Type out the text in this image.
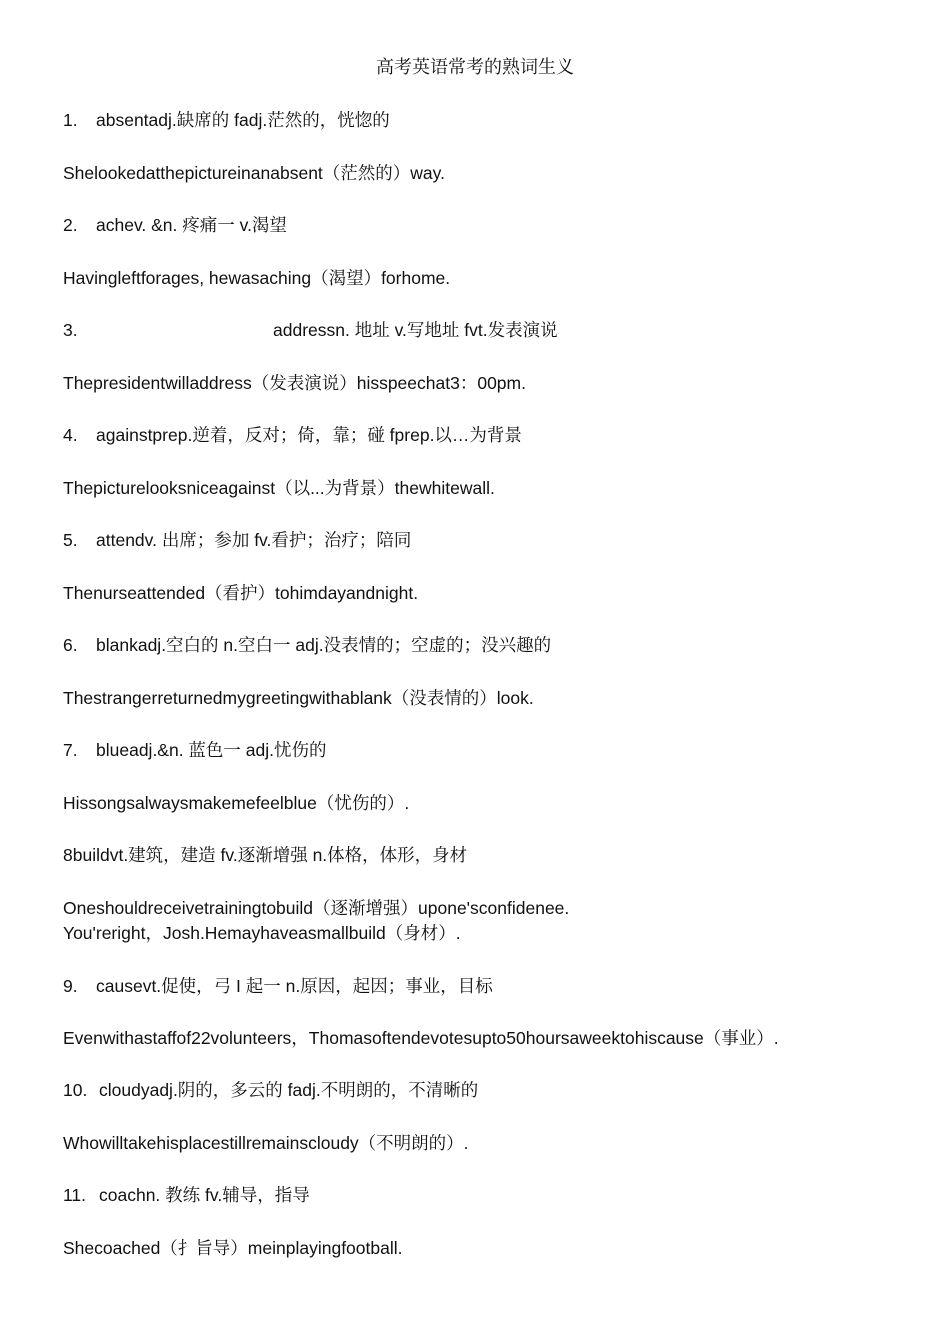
高考英语常考的熟词生义
1. absentadj.缺席的 fadj.茫然的，恍惚的
Shelookedatthepictureinanabsent（茫然的）way.
2. achev. &n. 疼痛一 v.渴望
Havingleftforages, hewasaching（渴望）forhome.
3.	addressn. 地址 v.写地址 fvt.发表演说
Thepresidentwilladdress（发表演说）hisspeechat3：00pm.
4. againstprep.逆着，反对；倚，靠；碰 fprep.以…为背景
Thepicturelooksniceagainst（以...为背景）thewhitewall.
5. attendv. 出席；参加 fv.看护；治疗；陪同
Thenurseattended（看护）tohimdayandnight.
6. blankadj.空白的 n.空白一 adj.没表情的；空虚的；没兴趣的
Thestrangerreturnedmygreetingwithablank（没表情的）look.
7. blueadj.&n. 蓝色一 adj.忧伤的
Hissongsalwaysmakemefeelblue（忧伤的）.
8buildvt.建筑，建造 fv.逐渐增强 n.体格，体形，身材
Oneshouldreceivetrainingtobuild（逐渐增强）upone'sconfidenee.
You'reright，Josh.Hemayhaveasmallbuild（身材）.
9. causevt.促使，弓 I 起一 n.原因，起因；事业，目标
Evenwithastaffof22volunteers，Thomasoftendevotesupto50hoursaweektohiscause（事业）.
10. cloudyadj.阴的，多云的 fadj.不明朗的，不清晰的
Whowilltakehisplacestillremainscloudy（不明朗的）.
11. coachn. 教练 fv.辅导，指导
Shecoached（扌旨导）meinplayingfootball.
